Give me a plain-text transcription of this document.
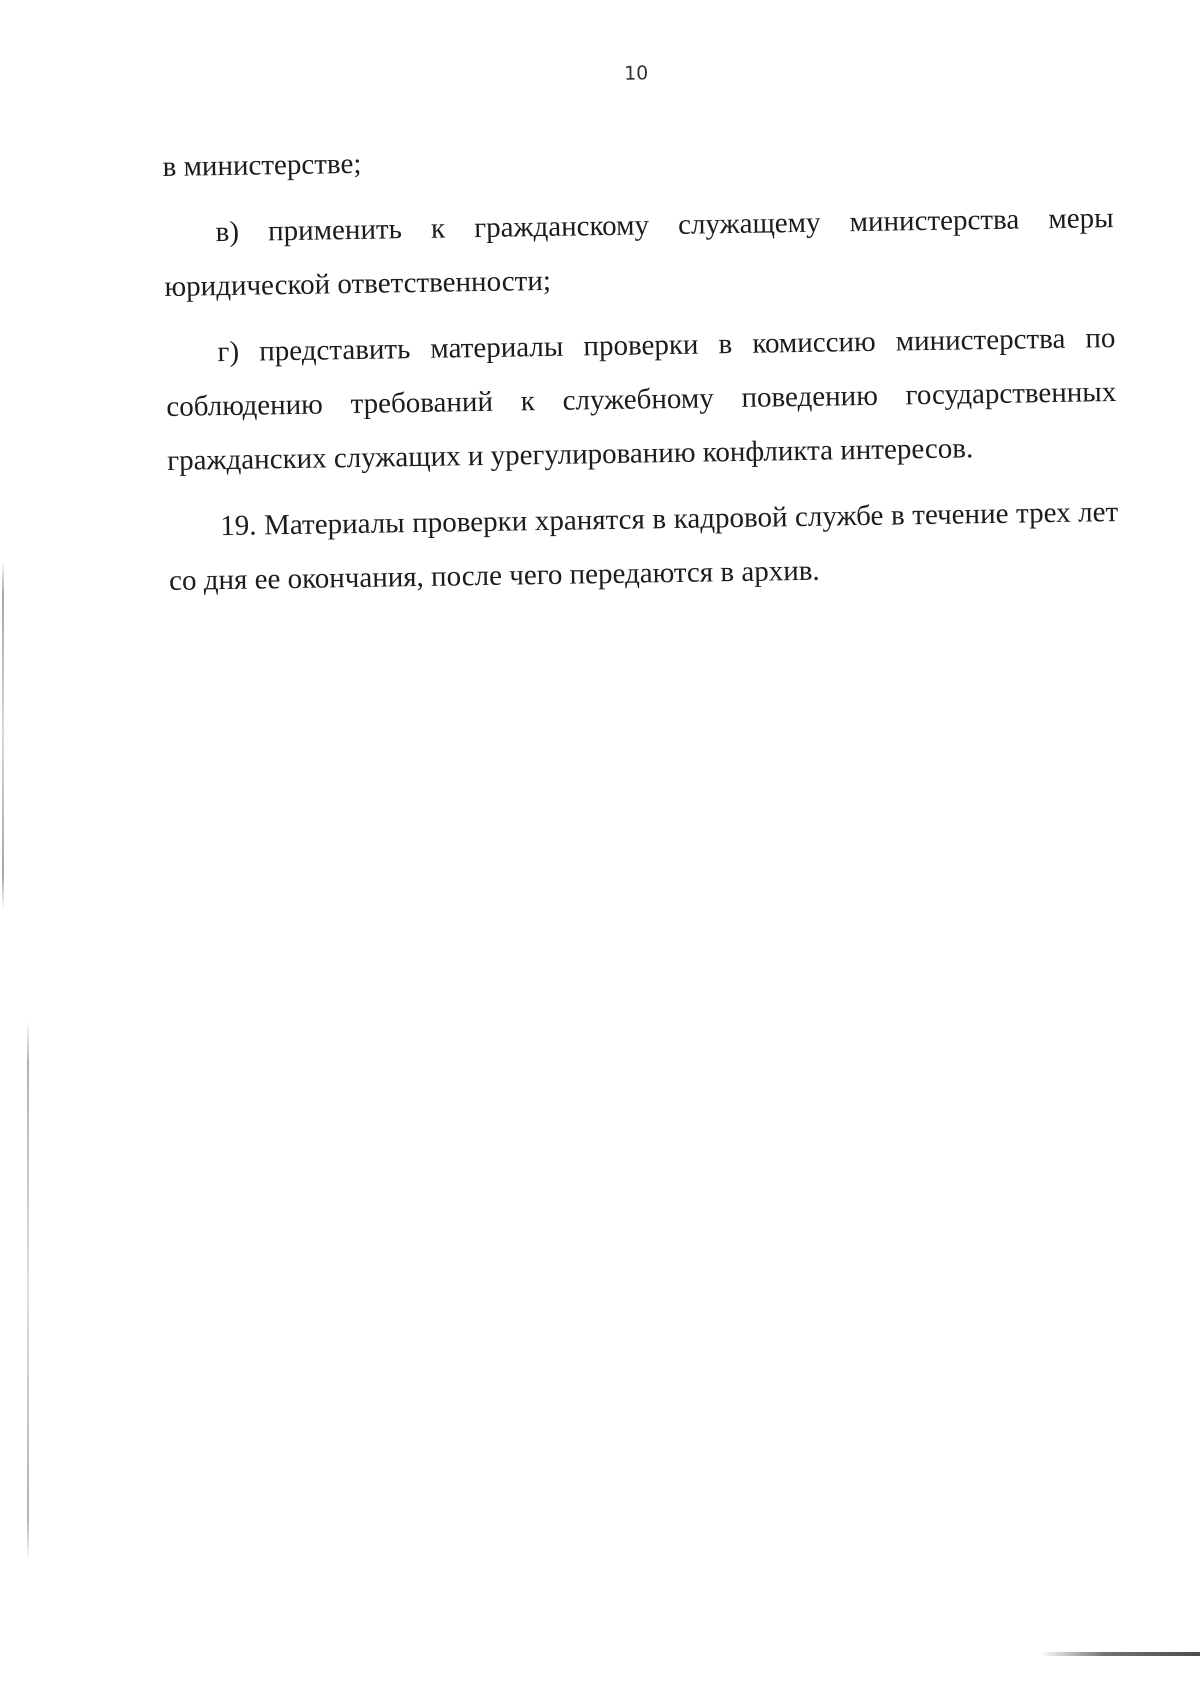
10

в министерстве;

в) применить к гражданскому служащему министерства меры юридической ответственности;

г) представить материалы проверки в комиссию министерства по соблюдению требований к служебному поведению государственных гражданских служащих и урегулированию конфликта интересов.

19. Материалы проверки хранятся в кадровой службе в течение трех лет со дня ее окончания, после чего передаются в архив.
